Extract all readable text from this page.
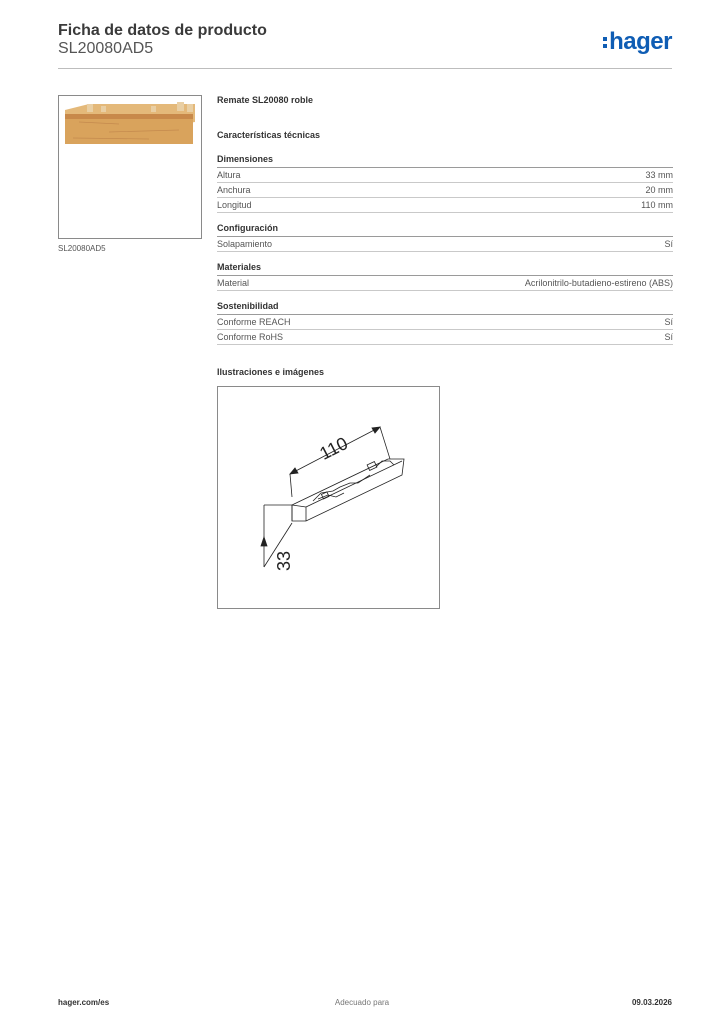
Ficha de datos de producto
SL20080AD5	hager
SL20080AD5
Remate SL20080 roble
Características técnicas
Dimensiones
Altura	33 mm
Anchura	20 mm
Longitud	110 mm
Configuración
Solapamiento	Sí
Materiales
Material	Acrilonitrilo-butadieno-estireno (ABS)
Sostenibilidad
Conforme REACH	Sí
Conforme RoHS	Sí
Ilustraciones e imágenes
110
33
hager.com/es	Adecuado para	09.03.2026
